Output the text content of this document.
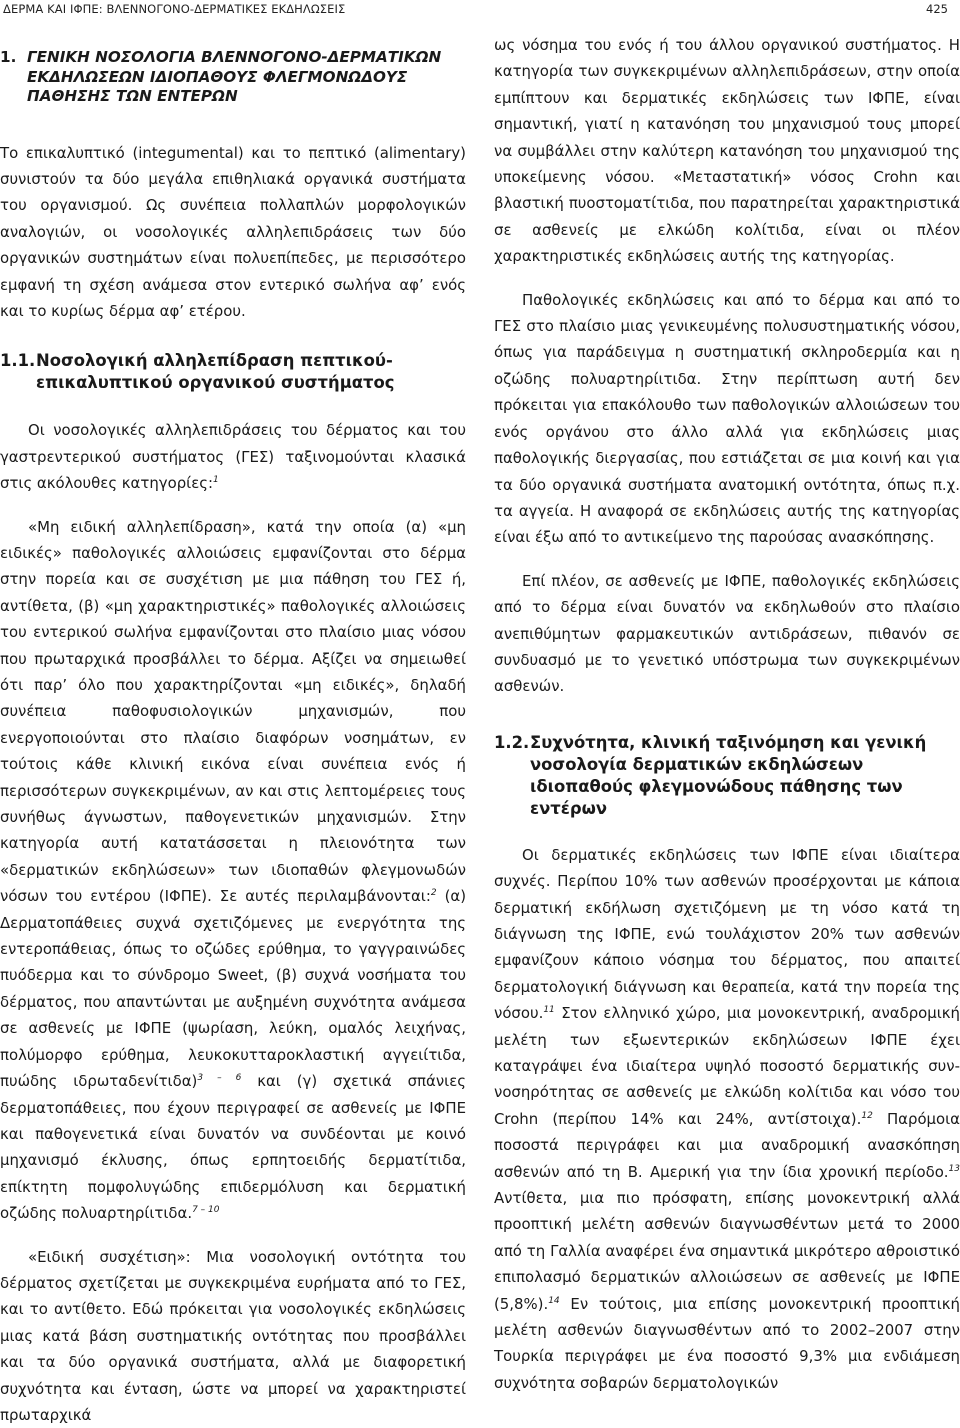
ΔΕΡΜΑ ΚΑΙ ΙΦΠΕ: ΒΛΕΝΝΟΓΟΝΟ-ΔΕΡΜΑΤΙΚΕΣ ΕΚΔΗΛΩΣΕΙΣ	425
1. ΓΕΝΙΚΗ ΝΟΣΟΛΟΓΙΑ ΒΛΕΝΝΟΓΟΝΟ-ΔΕΡΜΑΤΙΚΩΝ ΕΚΔΗΛΩΣΕΩΝ ΙΔΙΟΠΑΘΟΥΣ ΦΛΕΓΜΟΝΩΔΟΥΣ ΠΑΘΗΣΗΣ ΤΩΝ ΕΝΤΕΡΩΝ

Το επικαλυπτικό (integumental) και το πεπτικό (alimentary) συνιστούν τα δύο μεγάλα επιθηλιακά οργανικά συστήματα του οργανισμού. Ως συνέπεια πολλαπλών μορφολογικών αναλογιών, οι νοσολογικές αλληλεπιδράσεις των δύο οργανικών συστημάτων είναι πολυεπίπεδες, με περισσότερο εμφανή τη σχέση ανάμεσα στον εντερικό σωλήνα αφ’ ενός και το κυρίως δέρμα αφ’ ετέρου.

1.1.Νοσολογική αλληλεπίδραση πεπτικού-επικαλυπτικού οργανικού συστήματος

Οι νοσολογικές αλληλεπιδράσεις του δέρματος και του γαστρεντερικού συστήματος (ΓΕΣ) ταξινομούνται κλασικά στις ακόλουθες κατηγορίες:$^1$

«Μη ειδική αλληλεπίδραση», κατά την οποία (α) «μη ειδικές» παθολογικές αλλοιώσεις εμφανίζονται στο δέρμα στην πορεία και σε συσχέτιση με μια πάθηση του ΓΕΣ ή, αντίθετα, (β) «μη χαρακτηριστικές» παθολογικές αλλοιώσεις του εντερικού σωλήνα εμφανίζονται στο πλαίσιο μιας νόσου που πρωταρχικά προσβάλλει το δέρμα. Αξίζει να σημειωθεί ότι παρ’ όλο που χαρακτηρίζονται «μη ειδικές», δηλαδή συνέπεια παθοφυσιολογικών μηχανισμών, που ενεργοποιούνται στο πλαίσιο διαφόρων νοσημάτων, εν τούτοις κάθε κλινική εικόνα είναι συνέπεια ενός ή περισσότερων συγκεκριμένων, αν και στις λεπτομέρειες τους συνήθως άγνωστων, παθογενετικών μηχανισμών. Στην κατηγορία αυτή κατατάσσεται η πλειονότητα των «δερματικών εκδηλώσεων» των ιδιοπαθών φλεγμονωδών νόσων του εντέρου (ΙΦΠΕ). Σε αυτές περιλαμβάνονται:$^2$ (α) Δερματοπάθειες συχνά σχετιζόμενες με ενεργότητα της εντεροπάθειας, όπως το οζώδες ερύθημα, το γαγγραινώδες πυόδερμα και το σύνδρομο Sweet, (β) συχνά νοσήματα του δέρματος, που απαντώνται με αυξημένη συχνότητα ανάμεσα σε ασθενείς με ΙΦΠΕ (ψωρίαση, λεύκη, ομαλός λειχήνας, πολύμορφο ερύθημα, λευκοκυτταροκλαστική αγγειίτιδα, πυώδης ιδρωταδενίτιδα)$^{3 - 6}$ και (γ) σχετικά σπάνιες δερματοπάθειες, που έχουν περιγραφεί σε ασθενείς με ΙΦΠΕ και παθογενετικά είναι δυνατόν να συνδέονται με κοινό μηχανισμό έκλυσης, όπως ερπητοειδής δερματίτιδα, επίκτητη πομφολυγώδης επιδερμόλυση και δερματική οζώδης πολυαρτηρίιτιδα.$^{7 - 10}$

«Ειδική συσχέτιση»: Μια νοσολογική οντότητα του δέρματος σχετίζεται με συγκεκριμένα ευρήματα από το ΓΕΣ, και το αντίθετο. Εδώ πρόκειται για νοσολογικές εκδηλώσεις μιας κατά βάση συστηματικής οντότητας που προσβάλλει και τα δύο οργανικά συστήματα, αλλά με διαφορετική συχνότητα και ένταση, ώστε να μπορεί να χαρακτηριστεί πρωταρχικά

ως νόσημα του ενός ή του άλλου οργανικού συστήματος. Η κατηγορία των συγκεκριμένων αλληλεπιδράσεων, στην οποία εμπίπτουν και δερματικές εκδηλώσεις των ΙΦΠΕ, είναι σημαντική, γιατί η κατανόηση του μηχανισμού τους μπορεί να συμβάλλει στην καλύτερη κατανόηση του μηχανισμού της υποκείμενης νόσου. «Μεταστατική» νόσος Crohn και βλαστική πυοστοματίτιδα, που παρατηρείται χαρακτηριστικά σε ασθενείς με ελκώδη κολίτιδα, είναι οι πλέον χαρακτηριστικές εκδηλώσεις αυτής της κατηγορίας.

Παθολογικές εκδηλώσεις και από το δέρμα και από το ΓΕΣ στο πλαίσιο μιας γενικευμένης πολυσυστηματικής νόσου, όπως για παράδειγμα η συστηματική σκληροδερμία και η οζώδης πολυαρτηρίιτιδα. Στην περίπτωση αυτή δεν πρόκειται για επακόλουθο των παθολογικών αλλοιώσεων του ενός οργάνου στο άλλο αλλά για εκδηλώσεις μιας παθολογικής διεργασίας, που εστιάζεται σε μια κοινή και για τα δύο οργανικά συστήματα ανατομική οντότητα, όπως π.χ. τα αγγεία. Η αναφορά σε εκδηλώσεις αυτής της κατηγορίας είναι έξω από το αντικείμενο της παρούσας ανασκόπησης.

Επί πλέον, σε ασθενείς με ΙΦΠΕ, παθολογικές εκδηλώσεις από το δέρμα είναι δυνατόν να εκδηλωθούν στο πλαίσιο ανεπιθύμητων φαρμακευτικών αντιδράσεων, πιθανόν σε συνδυασμό με το γενετικό υπόστρωμα των συγκεκριμένων ασθενών.

1.2.Συχνότητα, κλινική ταξινόμηση και γενική νοσολογία δερματικών εκδηλώσεων ιδιοπαθούς φλεγμονώδους πάθησης των εντέρων

Οι δερματικές εκδηλώσεις των ΙΦΠΕ είναι ιδιαίτερα συχνές. Περίπου 10% των ασθενών προσέρχονται με κάποια δερματική εκδήλωση σχετιζόμενη με τη νόσο κατά τη διάγνωση της ΙΦΠΕ, ενώ τουλάχιστον 20% των ασθενών εμφανίζουν κάποιο νόσημα του δέρματος, που απαιτεί δερματολογική διάγνωση και θεραπεία, κατά την πορεία της νόσου.$^{11}$ Στον ελληνικό χώρο, μια μονοκεντρική, αναδρομική μελέτη των εξωεντερικών εκδηλώσεων ΙΦΠΕ έχει καταγράψει ένα ιδιαίτερα υψηλό ποσοστό δερματικής συν-νοσηρότητας σε ασθενείς με ελκώδη κολίτιδα και νόσο του Crohn (περίπου 14% και 24%, αντίστοιχα).$^{12}$ Παρόμοια ποσοστά περιγράφει και μια αναδρομική ανασκόπηση ασθενών από τη Β. Αμερική για την ίδια χρονική περίοδο.$^{13}$ Αντίθετα, μια πιο πρόσφατη, επίσης μονοκεντρική αλλά προοπτική μελέτη ασθενών διαγνωσθέντων μετά το 2000 από τη Γαλλία αναφέρει ένα σημαντικά μικρότερο αθροιστικό επιπολασμό δερματικών αλλοιώσεων σε ασθενείς με ΙΦΠΕ (5,8%).$^{14}$ Εν τούτοις, μια επίσης μονοκεντρική προοπτική μελέτη ασθενών διαγνωσθέντων από το 2002–2007 στην Τουρκία περιγράφει με ένα ποσοστό 9,3% μια ενδιάμεση συχνότητα σοβαρών δερματολογικών
